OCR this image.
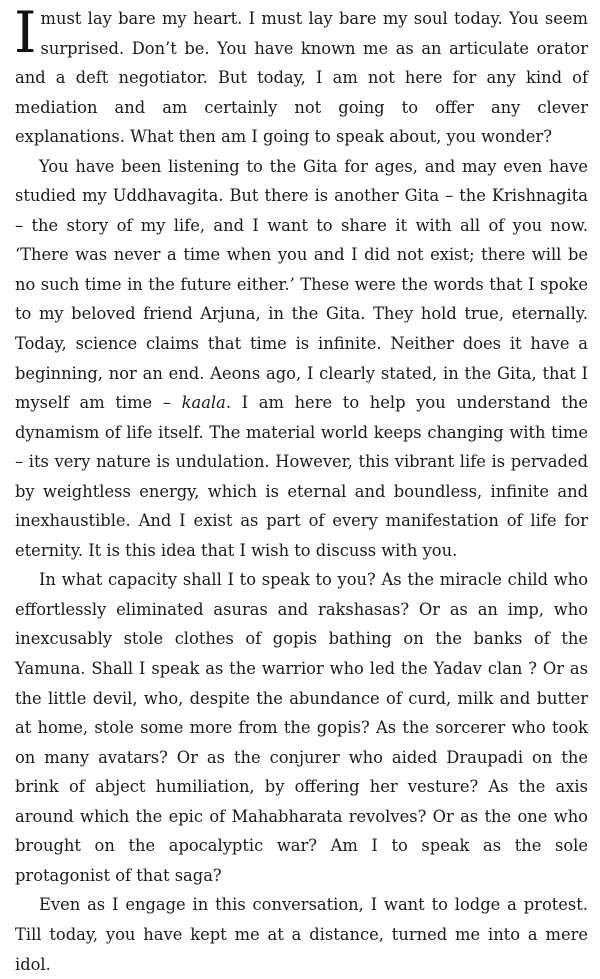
Imust lay bare my heart. I must lay bare my soul today. You seem surprised. Don’t be. You have known me as an articulate orator and a deft negotiator. But today, I am not here for any kind of mediation and am certainly not going to offer any clever explanations. What then am I going to speak about, you wonder?

You have been listening to the Gita for ages, and may even have studied my Uddhavagita. But there is another Gita – the Krishnagita – the story of my life, and I want to share it with all of you now. ‘There was never a time when you and I did not exist; there will be no such time in the future either.’ These were the words that I spoke to my beloved friend Arjuna, in the Gita. They hold true, eternally. Today, science claims that time is infinite. Neither does it have a beginning, nor an end. Aeons ago, I clearly stated, in the Gita, that I myself am time – kaala. I am here to help you understand the dynamism of life itself. The material world keeps changing with time – its very nature is undulation. However, this vibrant life is pervaded by weightless energy, which is eternal and boundless, infinite and inexhaustible. And I exist as part of every manifestation of life for eternity. It is this idea that I wish to discuss with you.

In what capacity shall I to speak to you? As the miracle child who effortlessly eliminated asuras and rakshasas? Or as an imp, who inexcusably stole clothes of gopis bathing on the banks of the Yamuna. Shall I speak as the warrior who led the Yadav clan ? Or as the little devil, who, despite the abundance of curd, milk and butter at home, stole some more from the gopis? As the sorcerer who took on many avatars? Or as the conjurer who aided Draupadi on the brink of abject humiliation, by offering her vesture? As the axis around which the epic of Mahabharata revolves? Or as the one who brought on the apocalyptic war? Am I to speak as the sole protagonist of that saga?

Even as I engage in this conversation, I want to lodge a protest. Till today, you have kept me at a distance, turned me into a mere idol.
